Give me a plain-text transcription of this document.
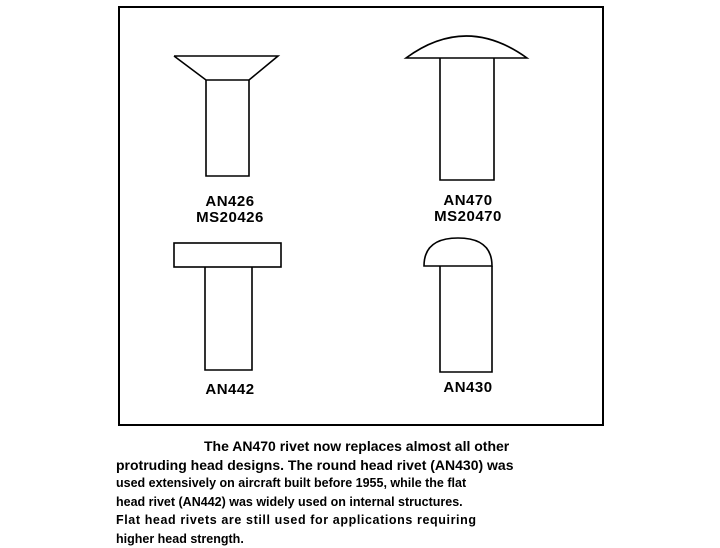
AN426
MS20426
AN470
MS20470
AN442	AN430
The AN470 rivet now replaces almost all other
protruding head designs. The round head rivet (AN430) was
used extensively on aircraft built before 1955, while the flat
head rivet (AN442) was widely used on internal structures.
Flat head rivets are still used for applications requiring
higher head strength.
